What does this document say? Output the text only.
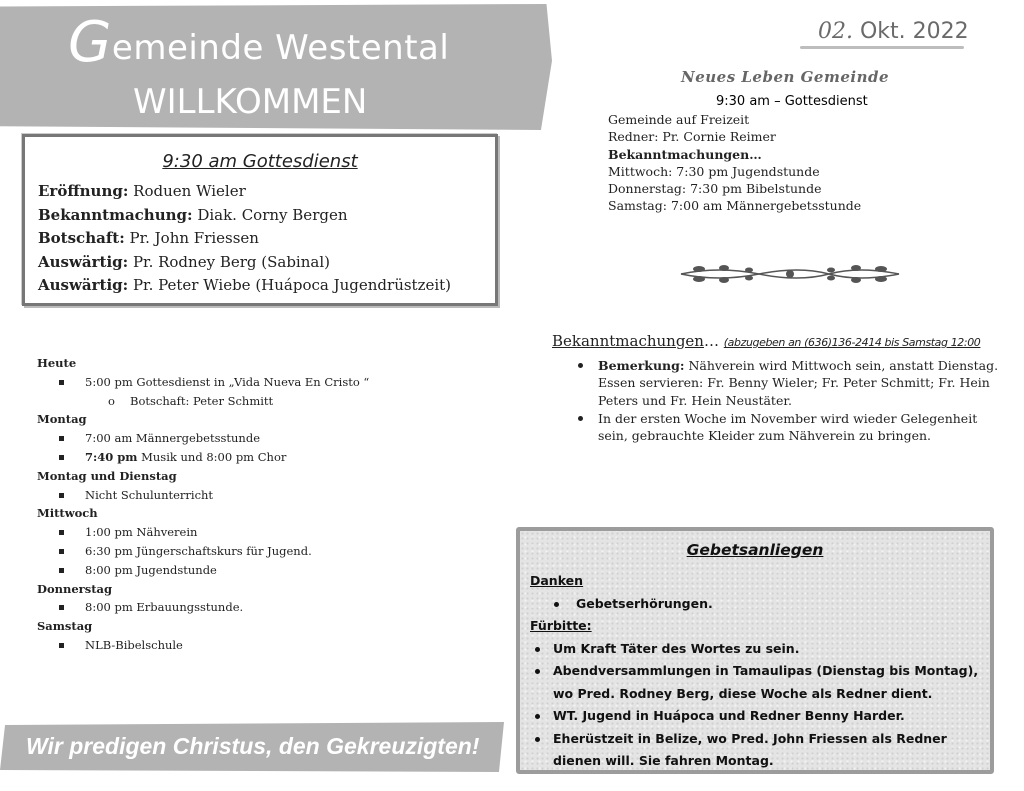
Gemeinde Westental
WILLKOMMEN
02. Okt. 2022
9:30 am Gottesdienst
Eröffnung: Roduen Wieler
Bekanntmachung: Diak. Corny Bergen
Botschaft: Pr. John Friessen
Auswärtig: Pr. Rodney Berg (Sabinal)
Auswärtig: Pr. Peter Wiebe (Huápoca Jugendrüstzeit)
Neues Leben Gemeinde
9:30 am – Gottesdienst
Gemeinde auf Freizeit
Redner: Pr. Cornie Reimer
Bekanntmachungen…
Mittwoch: 7:30 pm Jugendstunde
Donnerstag: 7:30 pm Bibelstunde
Samstag: 7:00 am Männergebetsstunde
Heute
5:00 pm Gottesdienst in „Vida Nueva En Cristo “
o Botschaft: Peter Schmitt
Montag
7:00 am Männergebetsstunde
7:40 pm Musik und 8:00 pm Chor
Montag und Dienstag
Nicht Schulunterricht
Mittwoch
1:00 pm Nähverein
6:30 pm Jüngerschaftskurs für Jugend.
8:00 pm Jugendstunde
Donnerstag
8:00 pm Erbauungsstunde.
Samstag
NLB-Bibelschule
Bekanntmachungen… (abzugeben an (636)136-2414 bis Samstag 12:00
Bemerkung: Nähverein wird Mittwoch sein, anstatt Dienstag. Essen servieren: Fr. Benny Wieler; Fr. Peter Schmitt; Fr. Hein Peters und Fr. Hein Neustäter.
In der ersten Woche im November wird wieder Gelegenheit sein, gebrauchte Kleider zum Nähverein zu bringen.
Gebetsanliegen
Danken
Gebetserhörungen.
Fürbitte:
Um Kraft Täter des Wortes zu sein.
Abendversammlungen in Tamaulipas (Dienstag bis Montag), wo Pred. Rodney Berg, diese Woche als Redner dient.
WT. Jugend in Huápoca und Redner Benny Harder.
Eherüstzeit in Belize, wo Pred. John Friessen als Redner dienen will. Sie fahren Montag.
Wir predigen Christus, den Gekreuzigten!
